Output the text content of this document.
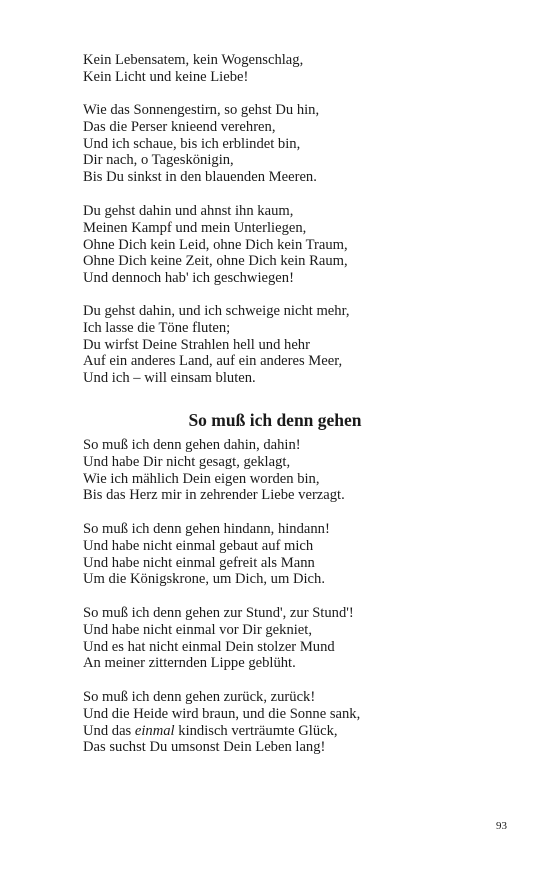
Kein Lebensatem, kein Wogenschlag,
Kein Licht und keine Liebe!

Wie das Sonnengestirn, so gehst Du hin,
Das die Perser knieend verehren,
Und ich schaue, bis ich erblindet bin,
Dir nach, o Tageskönigin,
Bis Du sinkst in den blauenden Meeren.

Du gehst dahin und ahnst ihn kaum,
Meinen Kampf und mein Unterliegen,
Ohne Dich kein Leid, ohne Dich kein Traum,
Ohne Dich keine Zeit, ohne Dich kein Raum,
Und dennoch hab' ich geschwiegen!

Du gehst dahin, und ich schweige nicht mehr,
Ich lasse die Töne fluten;
Du wirfst Deine Strahlen hell und hehr
Auf ein anderes Land, auf ein anderes Meer,
Und ich – will einsam bluten.

So muß ich denn gehen

So muß ich denn gehen dahin, dahin!
Und habe Dir nicht gesagt, geklagt,
Wie ich mählich Dein eigen worden bin,
Bis das Herz mir in zehrender Liebe verzagt.

So muß ich denn gehen hindann, hindann!
Und habe nicht einmal gebaut auf mich
Und habe nicht einmal gefreit als Mann
Um die Königskrone, um Dich, um Dich.

So muß ich denn gehen zur Stund', zur Stund'!
Und habe nicht einmal vor Dir gekniet,
Und es hat nicht einmal Dein stolzer Mund
An meiner zitternden Lippe geblüht.

So muß ich denn gehen zurück, zurück!
Und die Heide wird braun, und die Sonne sank,
Und das einmal kindisch verträumte Glück,
Das suchst Du umsonst Dein Leben lang!

93
